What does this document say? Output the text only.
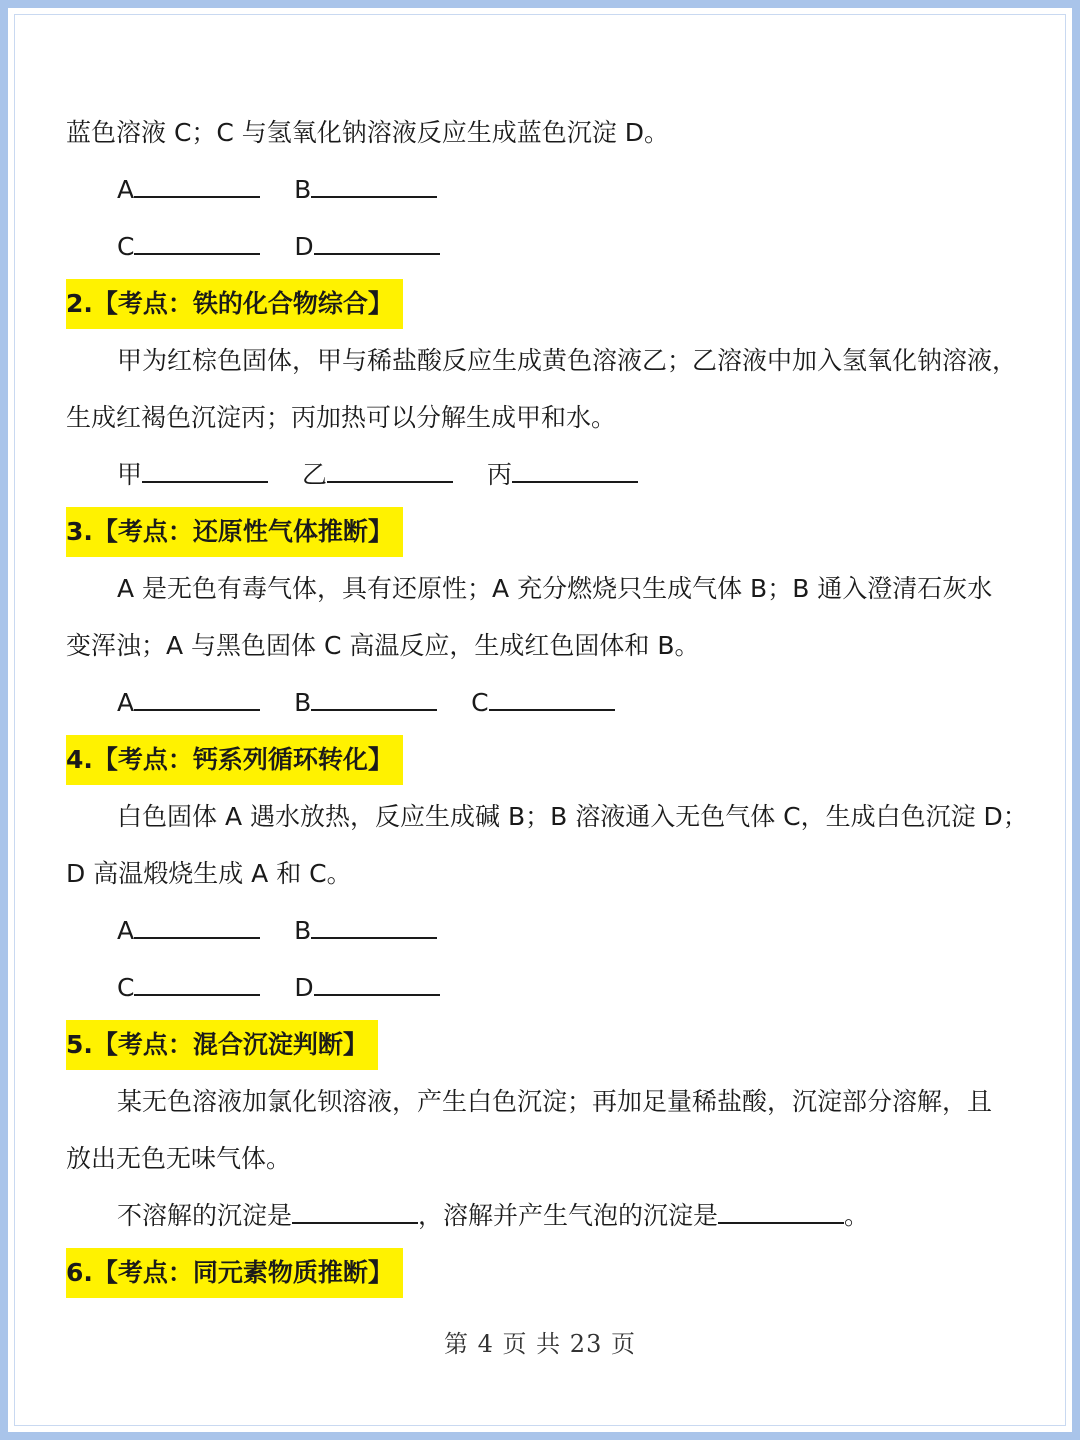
蓝色溶液 C；C 与氢氧化钠溶液反应生成蓝色沉淀 D。
A	B
C	D
2.【考点：铁的化合物综合】
甲为红棕色固体，甲与稀盐酸反应生成黄色溶液乙；乙溶液中加入氢氧化钠溶液，
生成红褐色沉淀丙；丙加热可以分解生成甲和水。
甲	乙	丙
3.【考点：还原性气体推断】
A 是无色有毒气体，具有还原性；A 充分燃烧只生成气体 B；B 通入澄清石灰水
变浑浊；A 与黑色固体 C 高温反应，生成红色固体和 B。
A	B	C
4.【考点：钙系列循环转化】
白色固体 A 遇水放热，反应生成碱 B；B 溶液通入无色气体 C，生成白色沉淀 D；
D 高温煅烧生成 A 和 C。
A	B
C	D
5.【考点：混合沉淀判断】
某无色溶液加氯化钡溶液，产生白色沉淀；再加足量稀盐酸，沉淀部分溶解，且
放出无色无味气体。
不溶解的沉淀是	，溶解并产生气泡的沉淀是	。
6.【考点：同元素物质推断】
第 4 页 共 23 页
